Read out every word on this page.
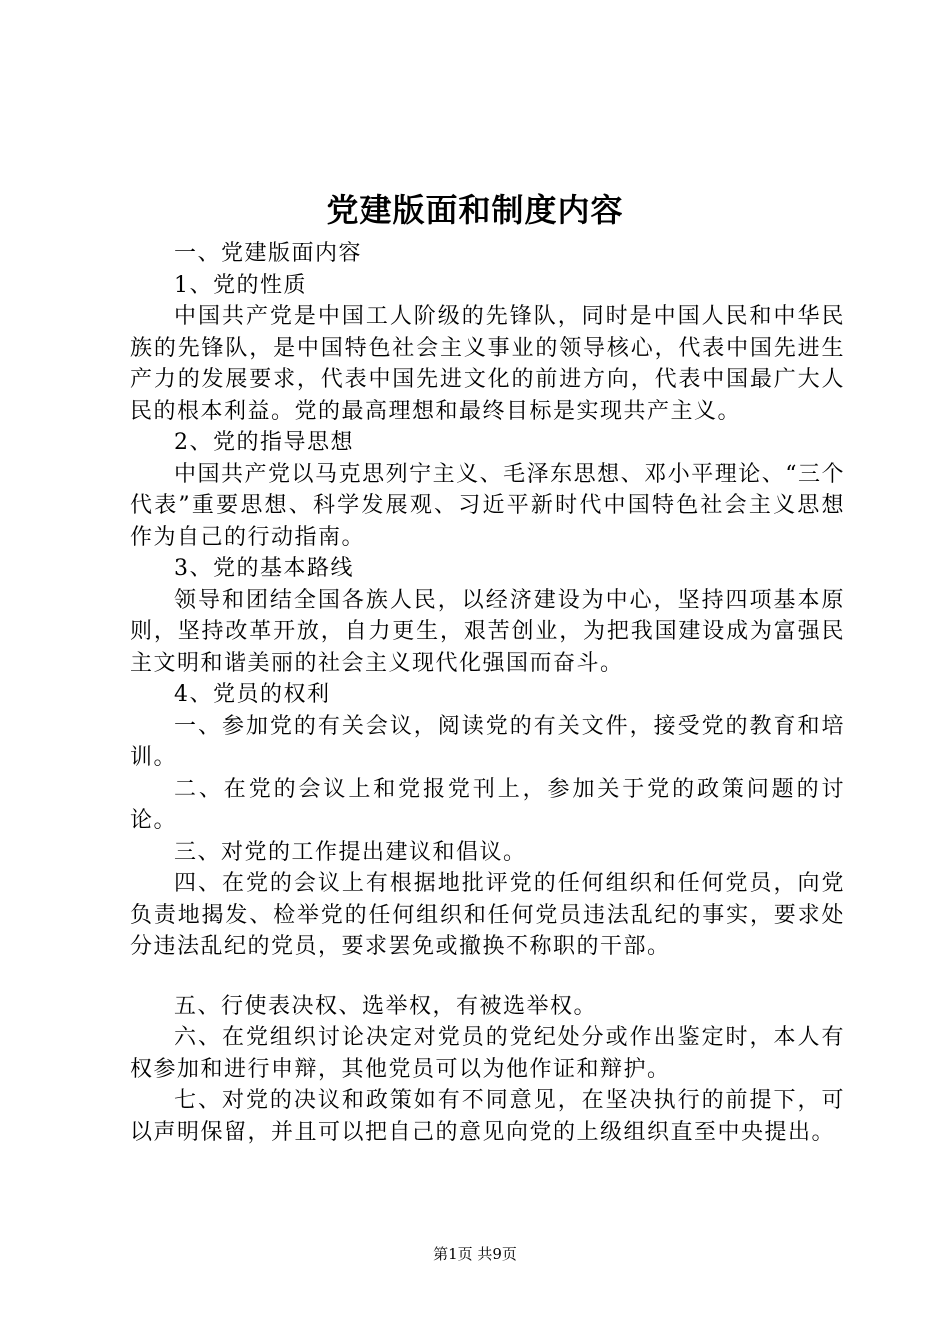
党建版面和制度内容

一、党建版面内容

1、党的性质

中国共产党是中国工人阶级的先锋队，同时是中国人民和中华民族的先锋队，是中国特色社会主义事业的领导核心，代表中国先进生产力的发展要求，代表中国先进文化的前进方向，代表中国最广大人民的根本利益。党的最高理想和最终目标是实现共产主义。

2、党的指导思想

中国共产党以马克思列宁主义、毛泽东思想、邓小平理论、“三个代表”重要思想、科学发展观、习近平新时代中国特色社会主义思想作为自己的行动指南。

3、党的基本路线

领导和团结全国各族人民，以经济建设为中心，坚持四项基本原则，坚持改革开放，自力更生，艰苦创业，为把我国建设成为富强民主文明和谐美丽的社会主义现代化强国而奋斗。

4、党员的权利

一、参加党的有关会议，阅读党的有关文件，接受党的教育和培训。

二、在党的会议上和党报党刊上，参加关于党的政策问题的讨论。

三、对党的工作提出建议和倡议。

四、在党的会议上有根据地批评党的任何组织和任何党员，向党负责地揭发、检举党的任何组织和任何党员违法乱纪的事实，要求处分违法乱纪的党员，要求罢免或撤换不称职的干部。

五、行使表决权、选举权，有被选举权。

六、在党组织讨论决定对党员的党纪处分或作出鉴定时，本人有权参加和进行申辩，其他党员可以为他作证和辩护。

七、对党的决议和政策如有不同意见，在坚决执行的前提下，可以声明保留，并且可以把自己的意见向党的上级组织直至中央提出。

第1页 共9页
